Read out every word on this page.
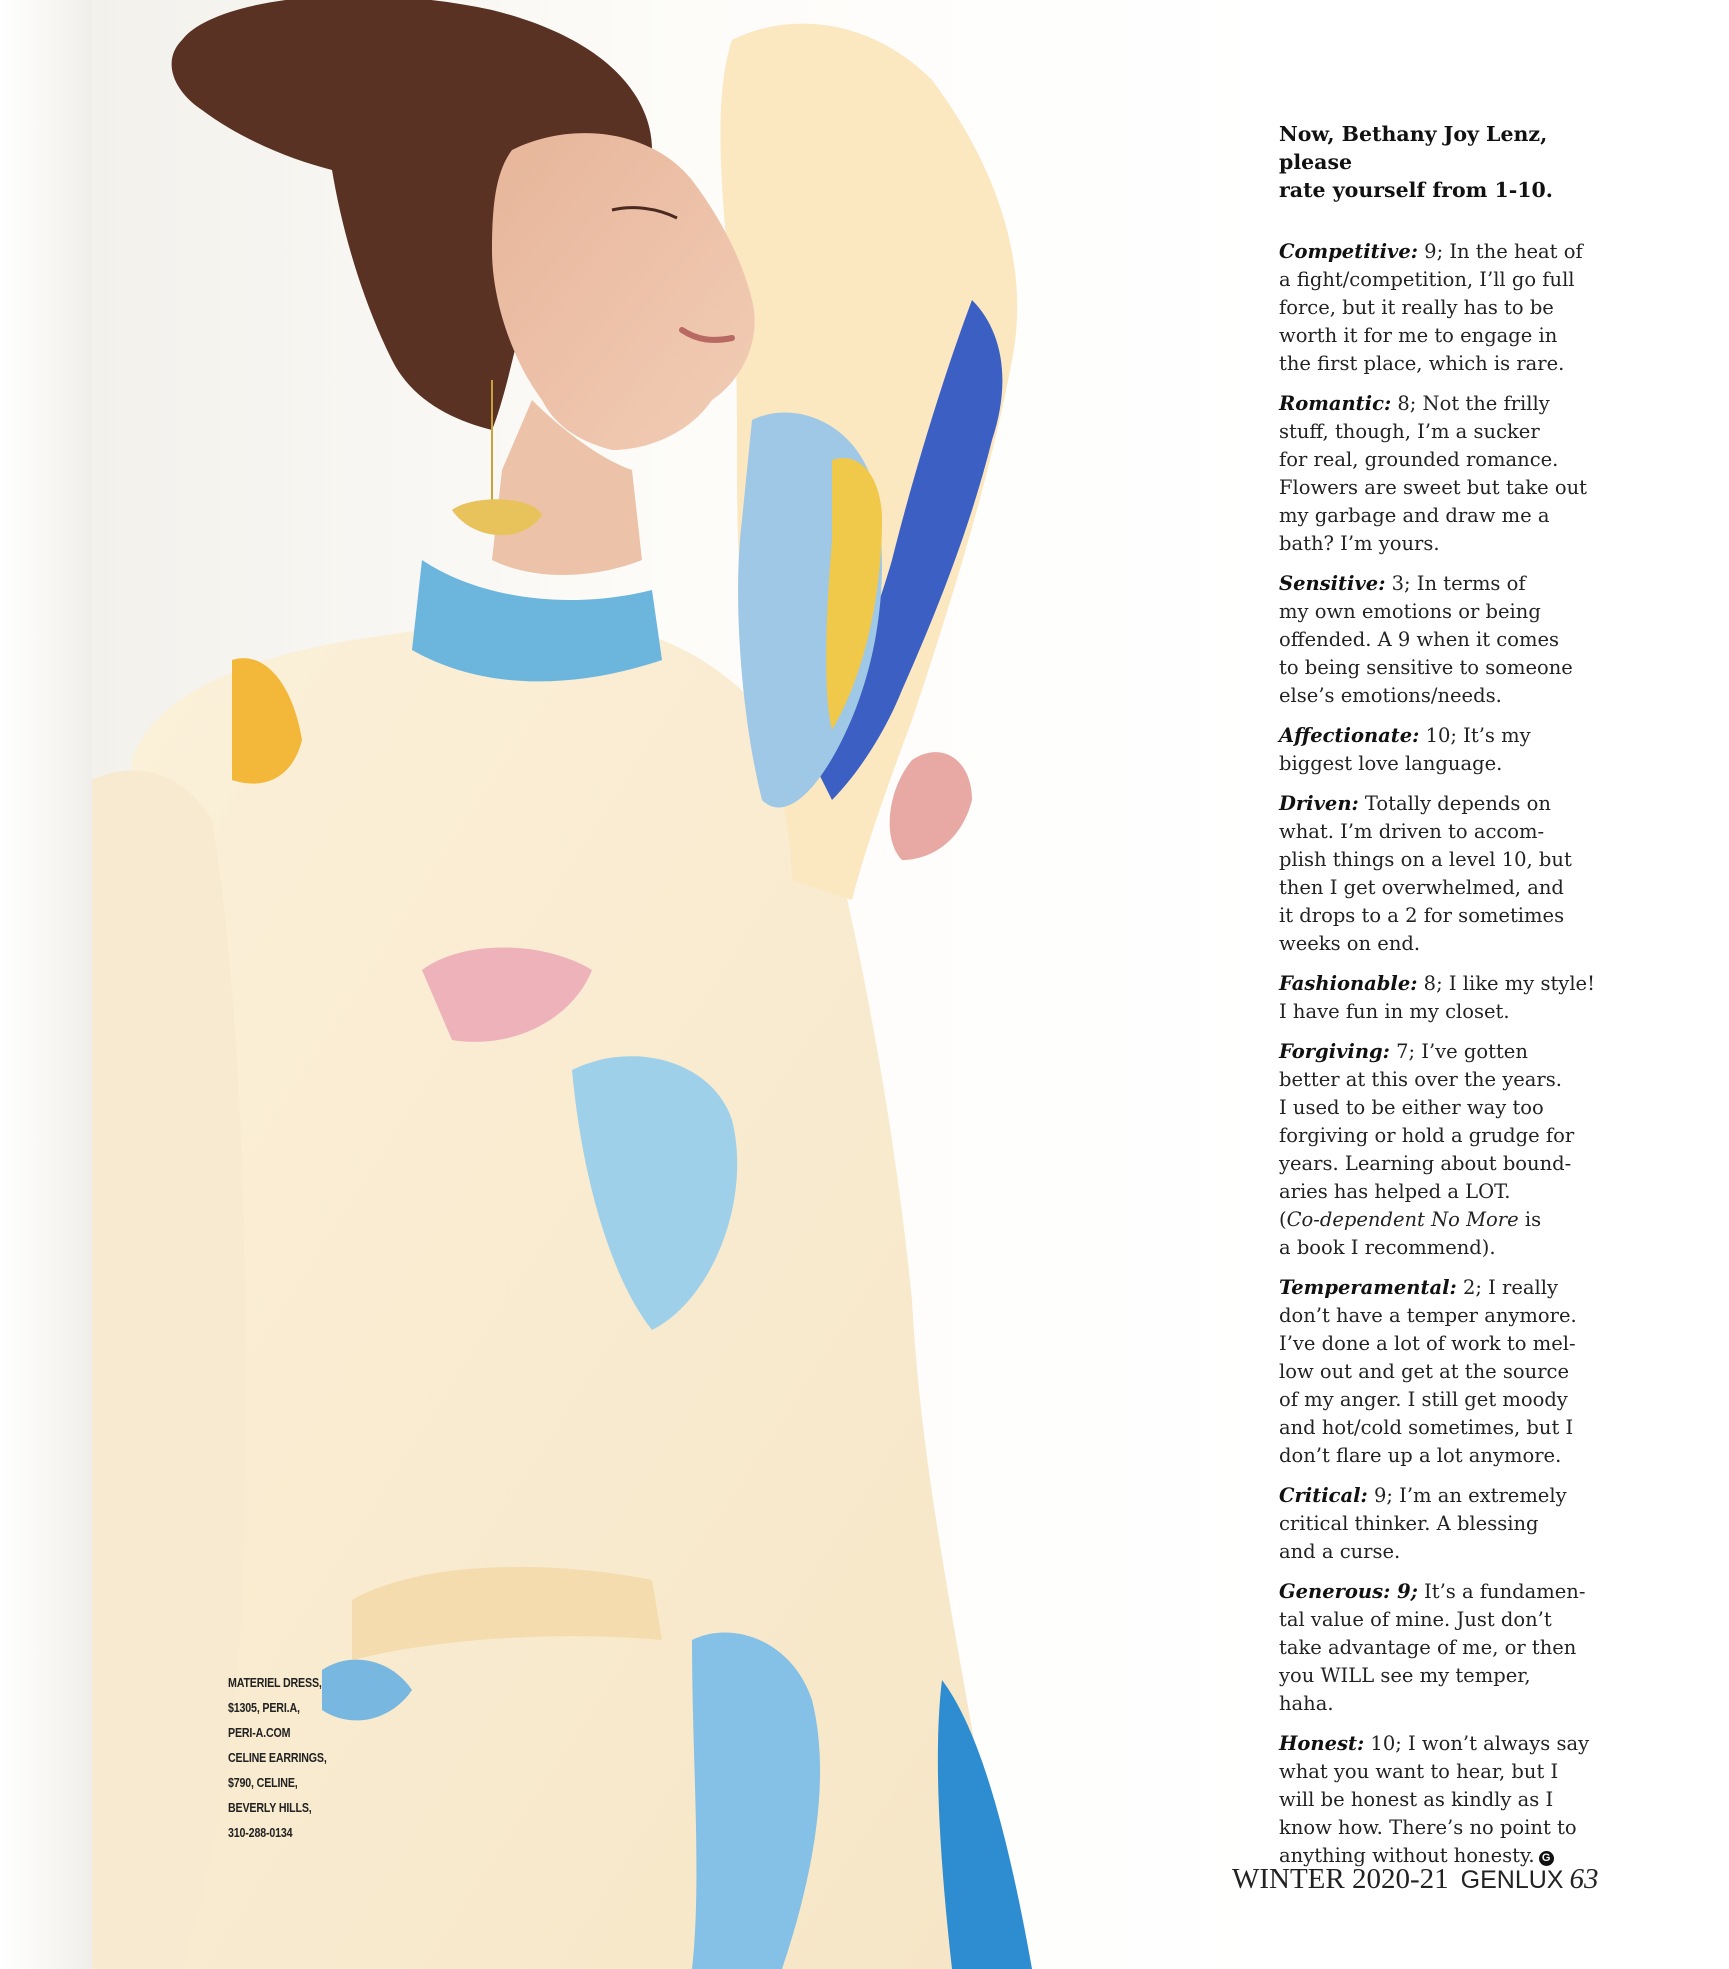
MATERIEL DRESS,
$1305, PERI.A,
PERI-A.COM
CELINE EARRINGS,
$790, CELINE,
BEVERLY HILLS,
310-288-0134
Now, Bethany Joy Lenz, please
rate yourself from 1-10.
Competitive: 9; In the heat of
a fight/competition, I’ll go full
force, but it really has to be
worth it for me to engage in
the first place, which is rare.
Romantic: 8; Not the frilly
stuff, though, I’m a sucker
for real, grounded romance.
Flowers are sweet but take out
my garbage and draw me a
bath? I’m yours.
Sensitive: 3; In terms of
my own emotions or being
offended. A 9 when it comes
to being sensitive to someone
else’s emotions/needs.
Affectionate: 10; It’s my
biggest love language.
Driven: Totally depends on
what. I’m driven to accom-
plish things on a level 10, but
then I get overwhelmed, and
it drops to a 2 for sometimes
weeks on end.
Fashionable: 8; I like my style!
I have fun in my closet.
Forgiving: 7; I’ve gotten
better at this over the years.
I used to be either way too
forgiving or hold a grudge for
years. Learning about bound-
aries has helped a LOT.
(Co-dependent No More is
a book I recommend).
Temperamental: 2; I really
don’t have a temper anymore.
I’ve done a lot of work to mel-
low out and get at the source
of my anger. I still get moody
and hot/cold sometimes, but I
don’t flare up a lot anymore.
Critical: 9; I’m an extremely
critical thinker. A blessing
and a curse.
Generous: 9; It’s a fundamen-
tal value of mine. Just don’t
take advantage of me, or then
you WILL see my temper,
haha.
Honest: 10; I won’t always say
what you want to hear, but I
will be honest as kindly as I
know how. There’s no point to
anything without honesty. G
WINTER 2020-21 GENLUX 63
